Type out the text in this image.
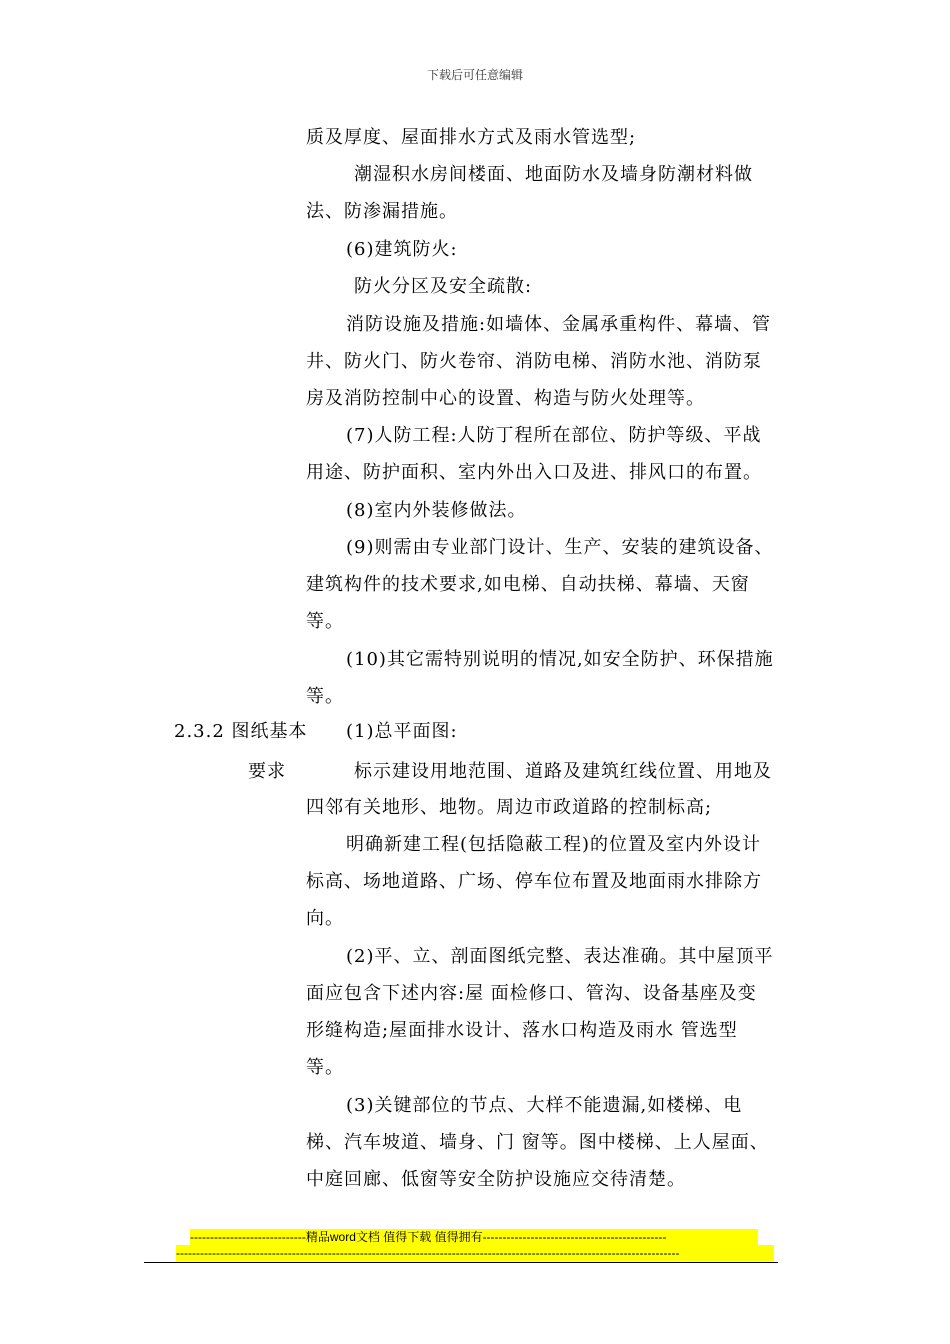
下载后可任意编辑
2.3.2 图纸基本
要求
质及厚度、屋面排水方式及雨水管选型;
潮湿积水房间楼面、地面防水及墙身防潮材料做
法、防渗漏措施。
(6)建筑防火:
防火分区及安全疏散:
消防设施及措施:如墙体、金属承重构件、幕墙、管
井、防火门、防火卷帘、消防电梯、消防水池、消防泵
房及消防控制中心的设置、构造与防火处理等。
(7)人防工程:人防丁程所在部位、防护等级、平战
用途、防护面积、室内外出入口及进、排风口的布置。
(8)室内外装修做法。
(9)则需由专业部门设计、生产、安装的建筑设备、
建筑构件的技术要求,如电梯、自动扶梯、幕墙、天窗
等。
(10)其它需特别说明的情况,如安全防护、环保措施
等。
(1)总平面图:
标示建设用地范围、道路及建筑红线位置、用地及
四邻有关地形、地物。周边市政道路的控制标高;
明确新建工程(包括隐蔽工程)的位置及室内外设计
标高、场地道路、广场、停车位布置及地面雨水排除方
向。
(2)平、立、剖面图纸完整、表达准确。其中屋顶平
面应包含下述内容:屋 面检修口、管沟、设备基座及变
形缝构造;屋面排水设计、落水口构造及雨水 管选型
等。
(3)关键部位的节点、大样不能遗漏,如楼梯、电
梯、汽车坡道、墙身、门 窗等。图中楼梯、上人屋面、
中庭回廊、低窗等安全防护设施应交待清楚。
-----------------------------精品word文档 值得下载 值得拥有----------------------------------------------
------------------------------------------------------------------------------------------------------------------------------
